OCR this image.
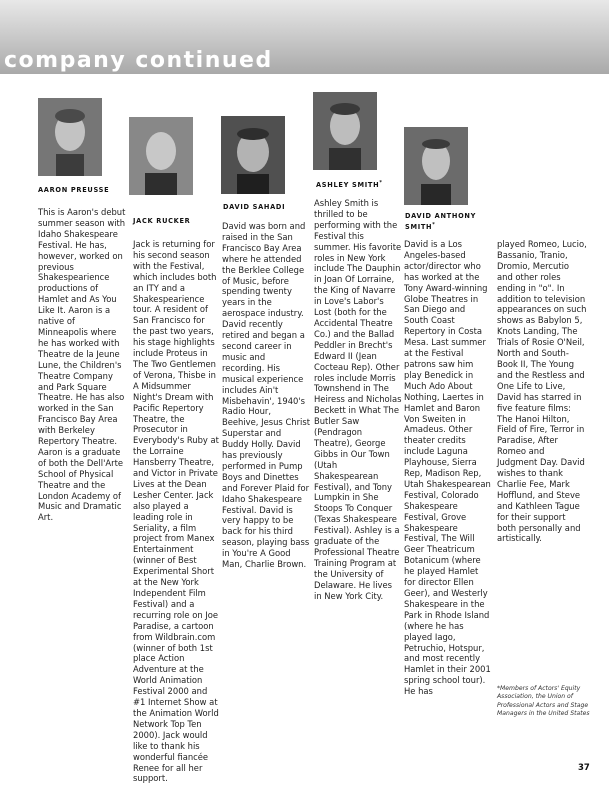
company continued
AARON PREUSSE
JACK RUCKER
DAVID SAHADI
ASHLEY SMITH*
DAVID ANTHONY
SMITH*

This is Aaron's debut summer season with Idaho Shakespeare Festival. He has, however, worked on previous Shakespearience productions of Hamlet and As You Like It. Aaron is a native of Minneapolis where he has worked with Theatre de la Jeune Lune, the Children's Theatre Company and Park Square Theatre. He has also worked in the San Francisco Bay Area with Berkeley Repertory Theatre. Aaron is a graduate of both the Dell'Arte School of Physical Theatre and the London Academy of Music and Dramatic Art.

Jack is returning for his second season with the Festival, which includes both an ITY and a Shakespearience tour. A resident of San Francisco for the past two years, his stage highlights include Proteus in The Two Gentlemen of Verona, Thisbe in A Midsummer Night's Dream with Pacific Repertory Theatre, the Prosecutor in Everybody's Ruby at the Lorraine Hansberry Theatre, and Victor in Private Lives at the Dean Lesher Center. Jack also played a leading role in Seriality, a film project from Manex Entertainment (winner of Best Experimental Short at the New York Independent Film Festival) and a recurring role on Joe Paradise, a cartoon from Wildbrain.com (winner of both 1st place Action Adventure at the World Animation Festival 2000 and #1 Internet Show at the Animation World Network Top Ten 2000). Jack would like to thank his wonderful fiancée Renee for all her support.

David was born and raised in the San Francisco Bay Area where he attended the Berklee College of Music, before spending twenty years in the aerospace industry. David recently retired and began a second career in music and recording. His musical experience includes Ain't Misbehavin', 1940's Radio Hour, Beehive, Jesus Christ Superstar and Buddy Holly. David has previously performed in Pump Boys and Dinettes and Forever Plaid for Idaho Shakespeare Festival. David is very happy to be back for his third season, playing bass in You're A Good Man, Charlie Brown.

Ashley Smith is thrilled to be performing with the Festival this summer. His favorite roles in New York include The Dauphin in Joan Of Lorraine, the King of Navarre in Love's Labor's Lost (both for the Accidental Theatre Co.) and the Ballad Peddler in Brecht's Edward II (Jean Cocteau Rep). Other roles include Morris Townshend in The Heiress and Nicholas Beckett in What The Butler Saw (Pendragon Theatre), George Gibbs in Our Town (Utah Shakespearean Festival), and Tony Lumpkin in She Stoops To Conquer (Texas Shakespeare Festival). Ashley is a graduate of the Professional Theatre Training Program at the University of Delaware. He lives in New York City.

David is a Los Angeles-based actor/director who has worked at the Tony Award-winning Globe Theatres in San Diego and South Coast Repertory in Costa Mesa. Last summer at the Festival patrons saw him play Benedick in Much Ado About Nothing, Laertes in Hamlet and Baron Von Sweiten in Amadeus. Other theater credits include Laguna Playhouse, Sierra Rep, Madison Rep, Utah Shakespearean Festival, Colorado Shakespeare Festival, Grove Shakespeare Festival, The Will Geer Theatricum Botanicum (where he played Hamlet for director Ellen Geer), and Westerly Shakespeare in the Park in Rhode Island (where he has played Iago, Petruchio, Hotspur, and most recently Hamlet in their 2001 spring school tour). He has

played Romeo, Lucio, Bassanio, Tranio, Dromio, Mercutio and other roles ending in "o". In addition to television appearances on such shows as Babylon 5, Knots Landing, The Trials of Rosie O'Neil, North and South-Book II, The Young and the Restless and One Life to Live, David has starred in five feature films: The Hanoi Hilton, Field of Fire, Terror in Paradise, After Romeo and Judgment Day. David wishes to thank Charlie Fee, Mark Hofflund, and Steve and Kathleen Tague for their support both personally and artistically.

*Members of Actors' Equity Association, the Union of Professional Actors and Stage Managers in the United States
37
